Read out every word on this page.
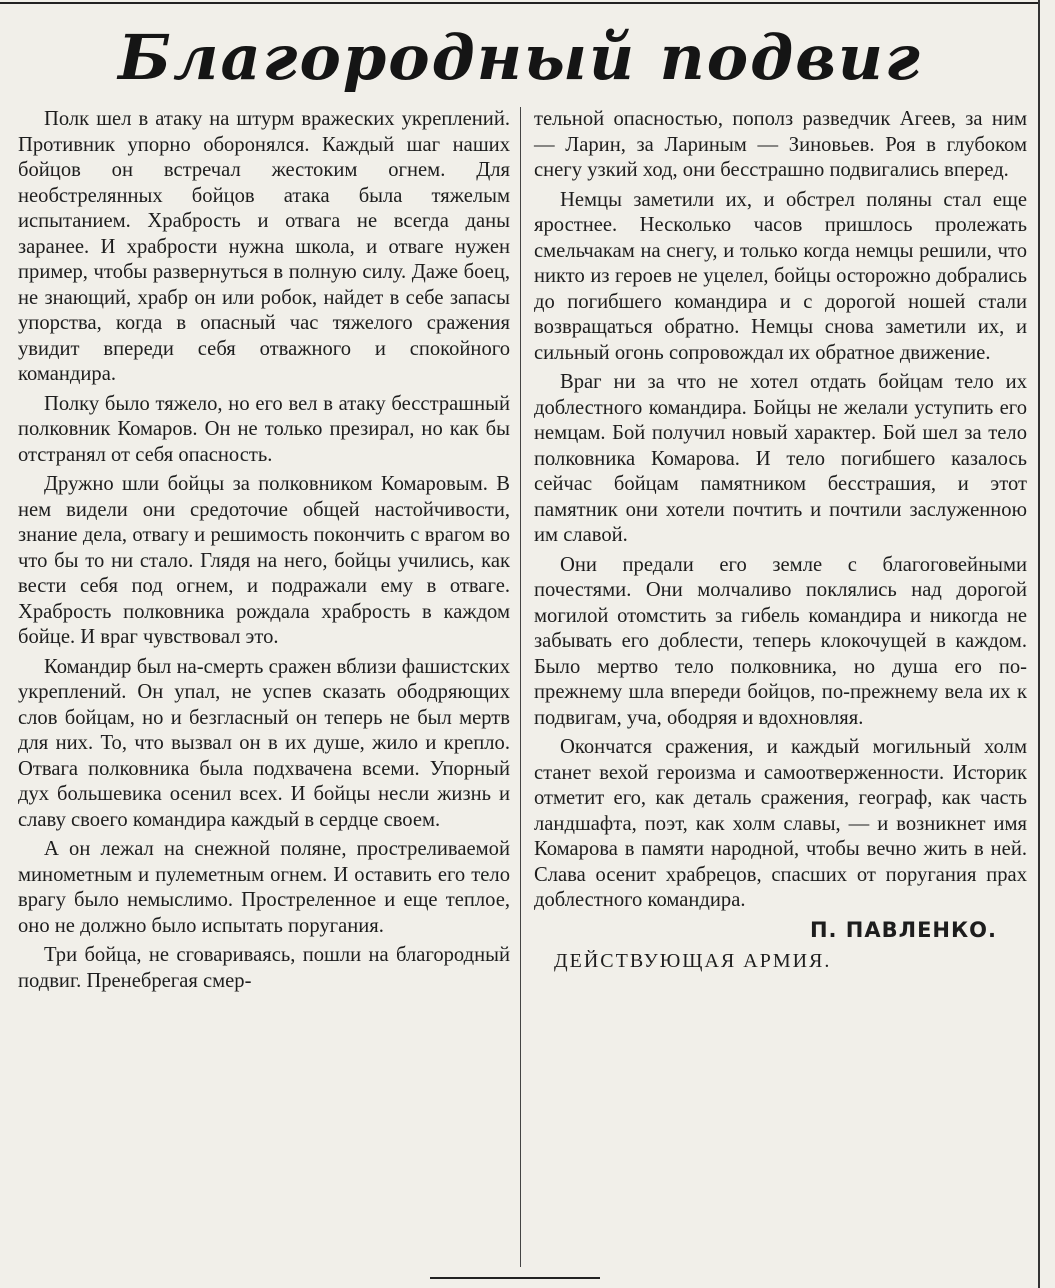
Благородный подвиг

Полк шел в атаку на штурм вражеских укреплений. Противник упорно оборонялся. Каждый шаг наших бойцов он встречал жестоким огнем. Для необстрелянных бойцов атака была тяжелым испытанием. Храбрость и отвага не всегда даны заранее. И храбрости нужна школа, и отваге нужен пример, чтобы развернуться в полную силу. Даже боец, не знающий, храбр он или робок, найдет в себе запасы упорства, когда в опасный час тяжелого сражения увидит впереди себя отважного и спокойного командира.

Полку было тяжело, но его вел в атаку бесстрашный полковник Комаров. Он не только презирал, но как бы отстранял от себя опасность.

Дружно шли бойцы за полковником Комаровым. В нем видели они средоточие общей настойчивости, знание дела, отвагу и решимость покончить с врагом во что бы то ни стало. Глядя на него, бойцы учились, как вести себя под огнем, и подражали ему в отваге. Храбрость полковника рождала храбрость в каждом бойце. И враг чувствовал это.

Командир был на-смерть сражен вблизи фашистских укреплений. Он упал, не успев сказать ободряющих слов бойцам, но и безгласный он теперь не был мертв для них. То, что вызвал он в их душе, жило и крепло. Отвага полковника была подхвачена всеми. Упорный дух большевика осенил всех. И бойцы несли жизнь и славу своего командира каждый в сердце своем.

А он лежал на снежной поляне, простреливаемой минометным и пулеметным огнем. И оставить его тело врагу было немыслимо. Простреленное и еще теплое, оно не должно было испытать поругания.

Три бойца, не сговариваясь, пошли на благородный подвиг. Пренебрегая смер-

тельной опасностью, пополз разведчик Агеев, за ним — Ларин, за Лариным — Зиновьев. Роя в глубоком снегу узкий ход, они бесстрашно подвигались вперед.

Немцы заметили их, и обстрел поляны стал еще яростнее. Несколько часов пришлось пролежать смельчакам на снегу, и только когда немцы решили, что никто из героев не уцелел, бойцы осторожно добрались до погибшего командира и с дорогой ношей стали возвращаться обратно. Немцы снова заметили их, и сильный огонь сопровождал их обратное движение.

Враг ни за что не хотел отдать бойцам тело их доблестного командира. Бойцы не желали уступить его немцам. Бой получил новый характер. Бой шел за тело полковника Комарова. И тело погибшего казалось сейчас бойцам памятником бесстрашия, и этот памятник они хотели почтить и почтили заслуженною им славой.

Они предали его земле с благоговейными почестями. Они молчаливо поклялись над дорогой могилой отомстить за гибель командира и никогда не забывать его доблести, теперь клокочущей в каждом. Было мертво тело полковника, но душа его по-прежнему шла впереди бойцов, по-прежнему вела их к подвигам, уча, ободряя и вдохновляя.

Окончатся сражения, и каждый могильный холм станет вехой героизма и самоотверженности. Историк отметит его, как деталь сражения, географ, как часть ландшафта, поэт, как холм славы, — и возникнет имя Комарова в памяти народной, чтобы вечно жить в ней. Слава осенит храбрецов, спасших от поругания прах доблестного командира.

П. ПАВЛЕНКО.
ДЕЙСТВУЮЩАЯ АРМИЯ.
